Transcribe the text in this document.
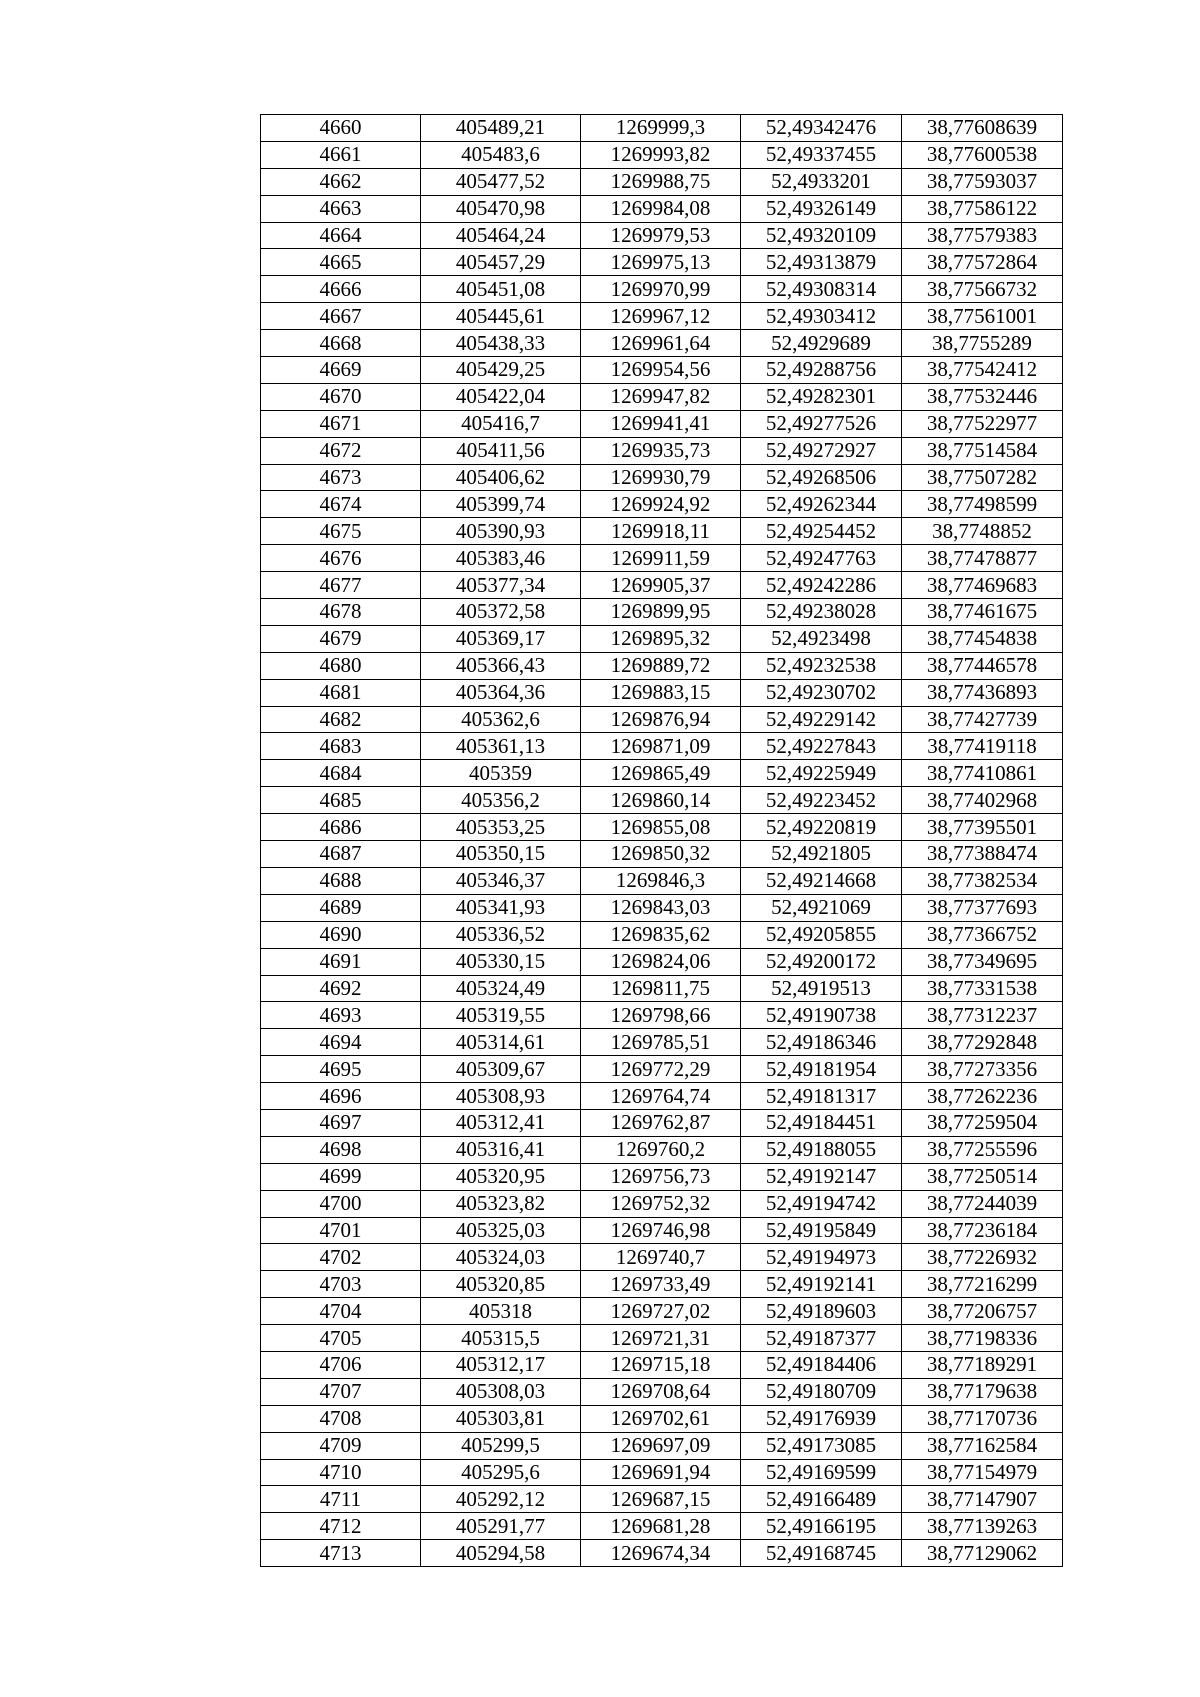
4660	405489,21	1269999,3	52,49342476	38,77608639
4661	405483,6	1269993,82	52,49337455	38,77600538
4662	405477,52	1269988,75	52,4933201	38,77593037
4663	405470,98	1269984,08	52,49326149	38,77586122
4664	405464,24	1269979,53	52,49320109	38,77579383
4665	405457,29	1269975,13	52,49313879	38,77572864
4666	405451,08	1269970,99	52,49308314	38,77566732
4667	405445,61	1269967,12	52,49303412	38,77561001
4668	405438,33	1269961,64	52,4929689	38,7755289
4669	405429,25	1269954,56	52,49288756	38,77542412
4670	405422,04	1269947,82	52,49282301	38,77532446
4671	405416,7	1269941,41	52,49277526	38,77522977
4672	405411,56	1269935,73	52,49272927	38,77514584
4673	405406,62	1269930,79	52,49268506	38,77507282
4674	405399,74	1269924,92	52,49262344	38,77498599
4675	405390,93	1269918,11	52,49254452	38,7748852
4676	405383,46	1269911,59	52,49247763	38,77478877
4677	405377,34	1269905,37	52,49242286	38,77469683
4678	405372,58	1269899,95	52,49238028	38,77461675
4679	405369,17	1269895,32	52,4923498	38,77454838
4680	405366,43	1269889,72	52,49232538	38,77446578
4681	405364,36	1269883,15	52,49230702	38,77436893
4682	405362,6	1269876,94	52,49229142	38,77427739
4683	405361,13	1269871,09	52,49227843	38,77419118
4684	405359	1269865,49	52,49225949	38,77410861
4685	405356,2	1269860,14	52,49223452	38,77402968
4686	405353,25	1269855,08	52,49220819	38,77395501
4687	405350,15	1269850,32	52,4921805	38,77388474
4688	405346,37	1269846,3	52,49214668	38,77382534
4689	405341,93	1269843,03	52,4921069	38,77377693
4690	405336,52	1269835,62	52,49205855	38,77366752
4691	405330,15	1269824,06	52,49200172	38,77349695
4692	405324,49	1269811,75	52,4919513	38,77331538
4693	405319,55	1269798,66	52,49190738	38,77312237
4694	405314,61	1269785,51	52,49186346	38,77292848
4695	405309,67	1269772,29	52,49181954	38,77273356
4696	405308,93	1269764,74	52,49181317	38,77262236
4697	405312,41	1269762,87	52,49184451	38,77259504
4698	405316,41	1269760,2	52,49188055	38,77255596
4699	405320,95	1269756,73	52,49192147	38,77250514
4700	405323,82	1269752,32	52,49194742	38,77244039
4701	405325,03	1269746,98	52,49195849	38,77236184
4702	405324,03	1269740,7	52,49194973	38,77226932
4703	405320,85	1269733,49	52,49192141	38,77216299
4704	405318	1269727,02	52,49189603	38,77206757
4705	405315,5	1269721,31	52,49187377	38,77198336
4706	405312,17	1269715,18	52,49184406	38,77189291
4707	405308,03	1269708,64	52,49180709	38,77179638
4708	405303,81	1269702,61	52,49176939	38,77170736
4709	405299,5	1269697,09	52,49173085	38,77162584
4710	405295,6	1269691,94	52,49169599	38,77154979
4711	405292,12	1269687,15	52,49166489	38,77147907
4712	405291,77	1269681,28	52,49166195	38,77139263
4713	405294,58	1269674,34	52,49168745	38,77129062
